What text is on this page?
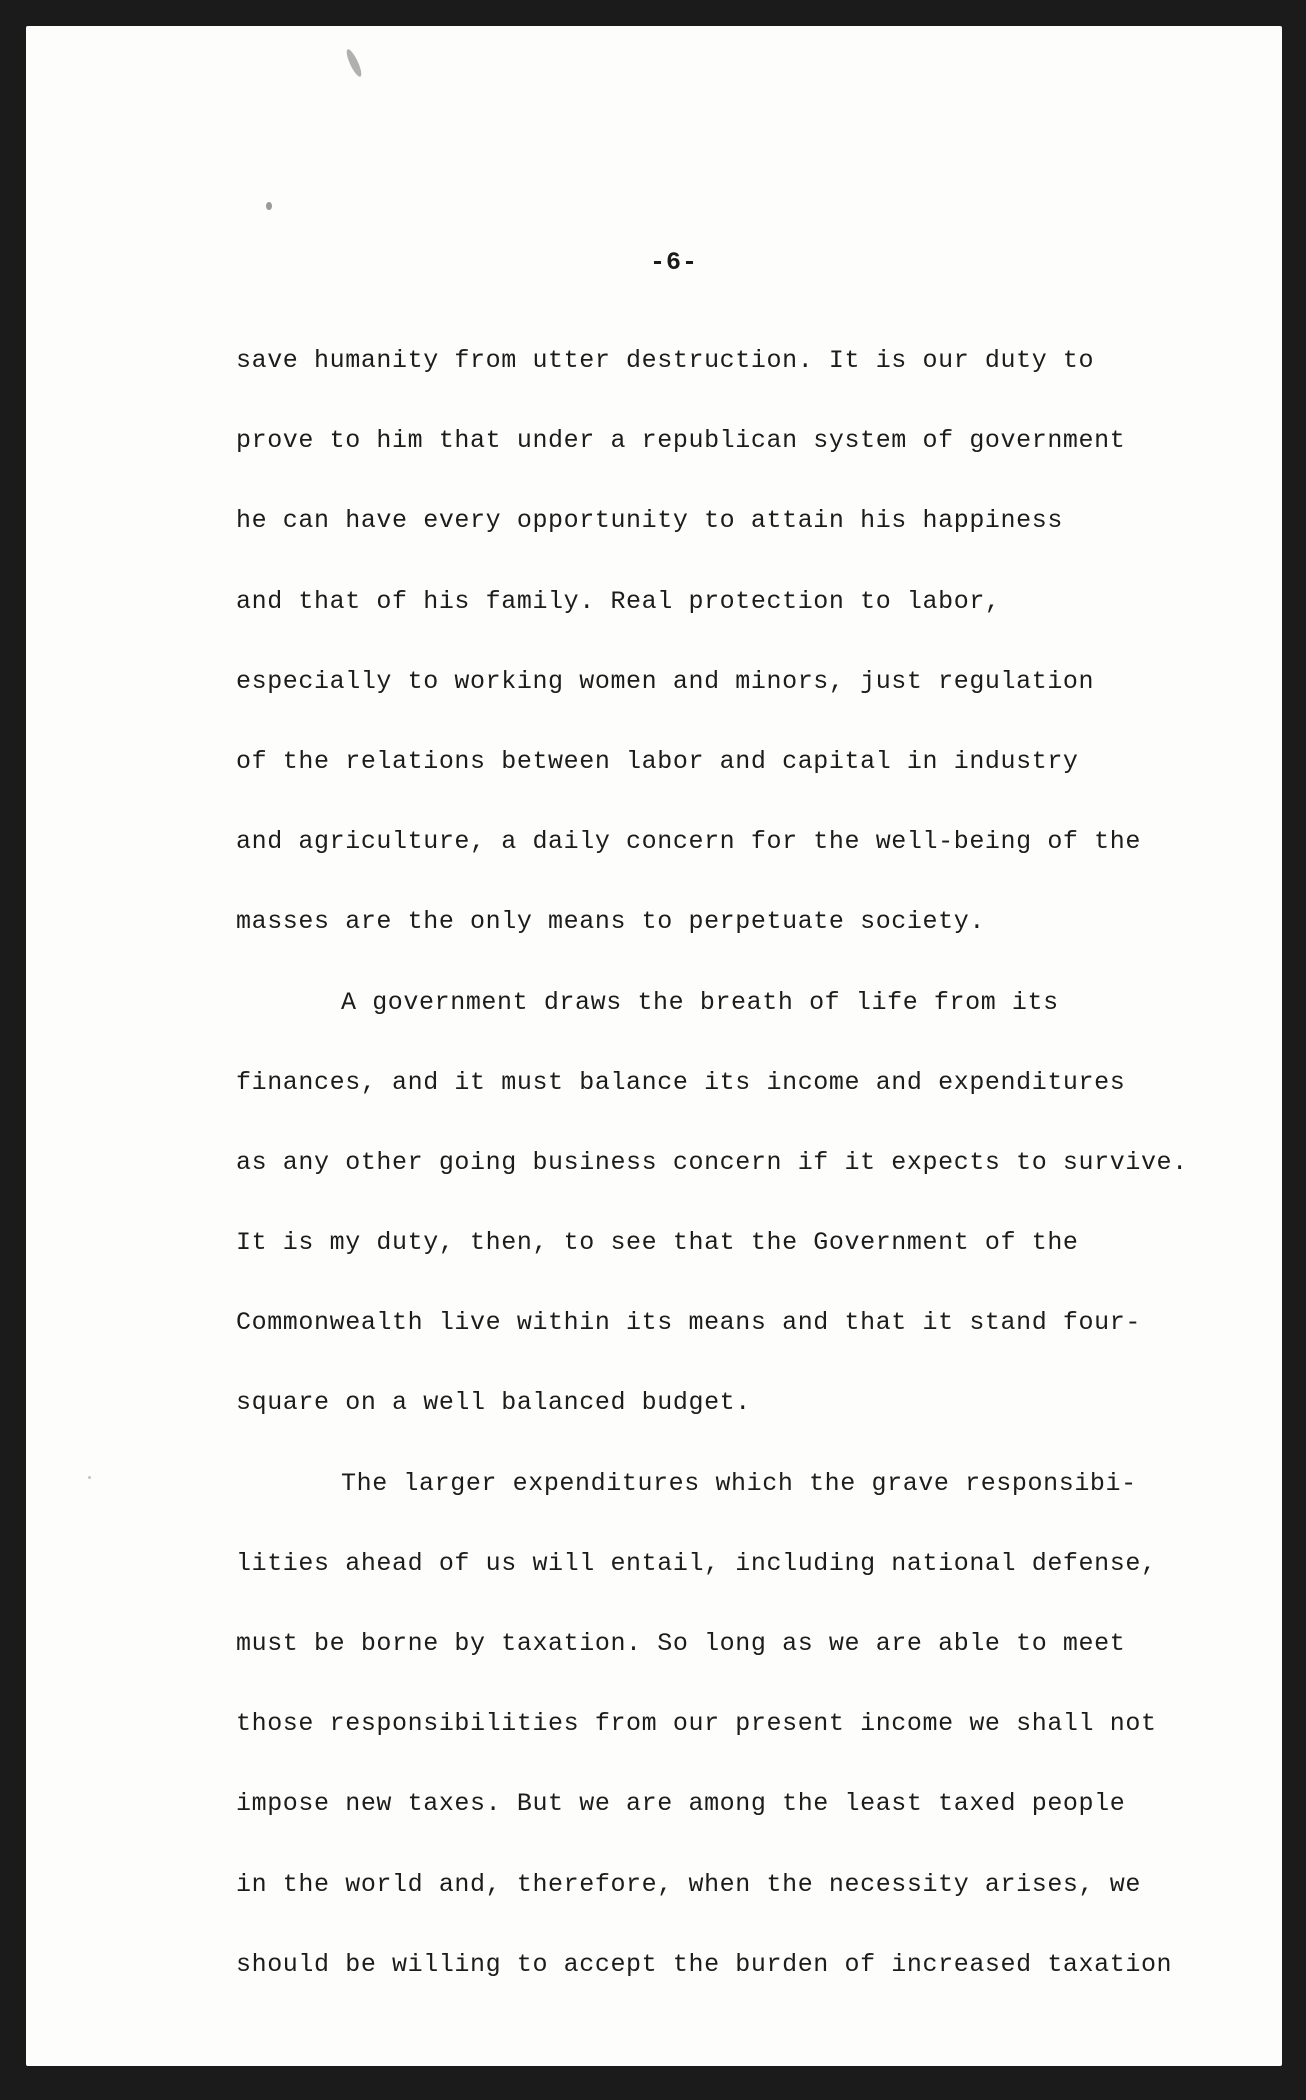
-6-
save humanity from utter destruction. It is our duty to
prove to him that under a republican system of government
he can have every opportunity to attain his happiness
and that of his family. Real protection to labor,
especially to working women and minors, just regulation
of the relations between labor and capital in industry
and agriculture, a daily concern for the well-being of the
masses are the only means to perpetuate society.
A government draws the breath of life from its
finances, and it must balance its income and expenditures
as any other going business concern if it expects to survive.
It is my duty, then, to see that the Government of the
Commonwealth live within its means and that it stand four-
square on a well balanced budget.
The larger expenditures which the grave responsibi-
lities ahead of us will entail, including national defense,
must be borne by taxation. So long as we are able to meet
those responsibilities from our present income we shall not
impose new taxes. But we are among the least taxed people
in the world and, therefore, when the necessity arises, we
should be willing to accept the burden of increased taxation
